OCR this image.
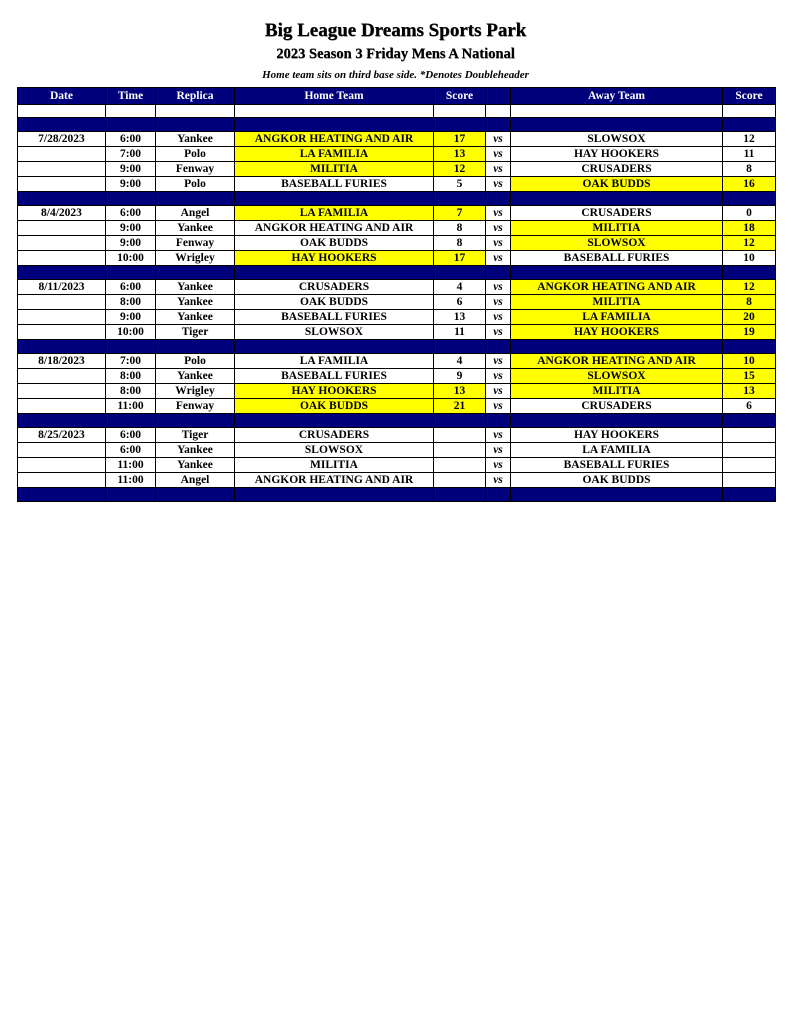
Big League Dreams Sports Park
2023 Season 3 Friday Mens A National
Home team sits on third base side. *Denotes Doubleheader
Date	Time	Replica	Home Team	Score		Away Team	Score

7/28/2023	6:00	Yankee	ANGKOR HEATING AND AIR	17	vs	SLOWSOX	12
	7:00	Polo	LA FAMILIA	13	vs	HAY HOOKERS	11
	9:00	Fenway	MILITIA	12	vs	CRUSADERS	8
	9:00	Polo	BASEBALL FURIES	5	vs	OAK BUDDS	16

8/4/2023	6:00	Angel	LA FAMILIA	7	vs	CRUSADERS	0
	9:00	Yankee	ANGKOR HEATING AND AIR	8	vs	MILITIA	18
	9:00	Fenway	OAK BUDDS	8	vs	SLOWSOX	12
	10:00	Wrigley	HAY HOOKERS	17	vs	BASEBALL FURIES	10

8/11/2023	6:00	Yankee	CRUSADERS	4	vs	ANGKOR HEATING AND AIR	12
	8:00	Yankee	OAK BUDDS	6	vs	MILITIA	8
	9:00	Yankee	BASEBALL FURIES	13	vs	LA FAMILIA	20
	10:00	Tiger	SLOWSOX	11	vs	HAY HOOKERS	19

8/18/2023	7:00	Polo	LA FAMILIA	4	vs	ANGKOR HEATING AND AIR	10
	8:00	Yankee	BASEBALL FURIES	9	vs	SLOWSOX	15
	8:00	Wrigley	HAY HOOKERS	13	vs	MILITIA	13
	11:00	Fenway	OAK BUDDS	21	vs	CRUSADERS	6

8/25/2023	6:00	Tiger	CRUSADERS		vs	HAY HOOKERS	
	6:00	Yankee	SLOWSOX		vs	LA FAMILIA	
	11:00	Yankee	MILITIA		vs	BASEBALL FURIES	
	11:00	Angel	ANGKOR HEATING AND AIR		vs	OAK BUDDS	
